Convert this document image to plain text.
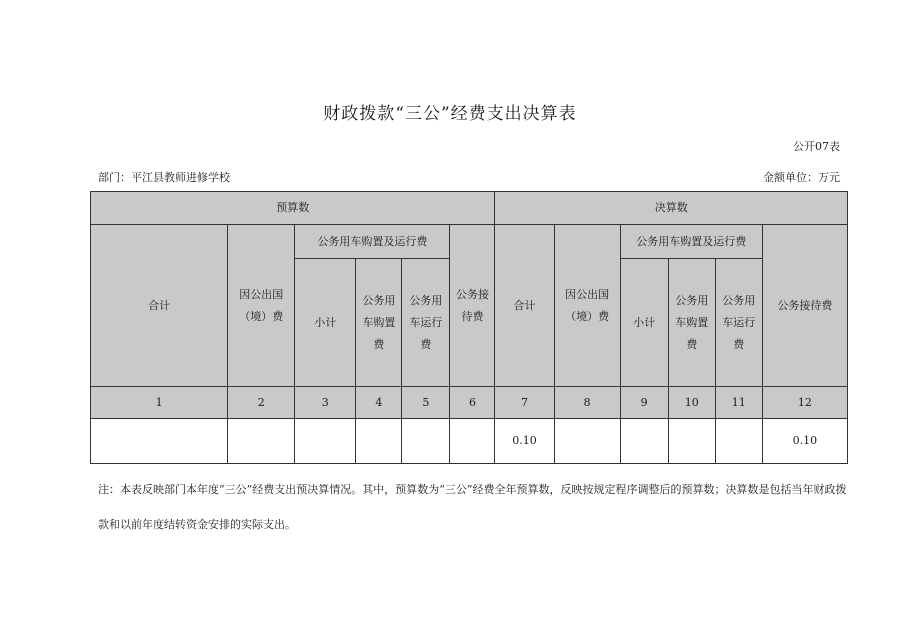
财政拨款“三公”经费支出决算表
公开07表
部门：平江县教师进修学校	金额单位：万元
预算数						决算数					
合计	因公出国（境）费	公务用车购置及运行费			公务接待费	合计	因公出国（境）费	公务用车购置及运行费			公务接待费
		小计	公务用车购置费	公务用车运行费				小计	公务用车购置费	公务用车运行费	
1	2	3	4	5	6	7	8	9	10	11	12
						0.10					0.10
注：本表反映部门本年度“三公”经费支出预决算情况。其中，预算数为“三公”经费全年预算数，反映按规定程序调整后的预算数；决算数是包括当年财政拨款和以前年度结转资金安排的实际支出。
